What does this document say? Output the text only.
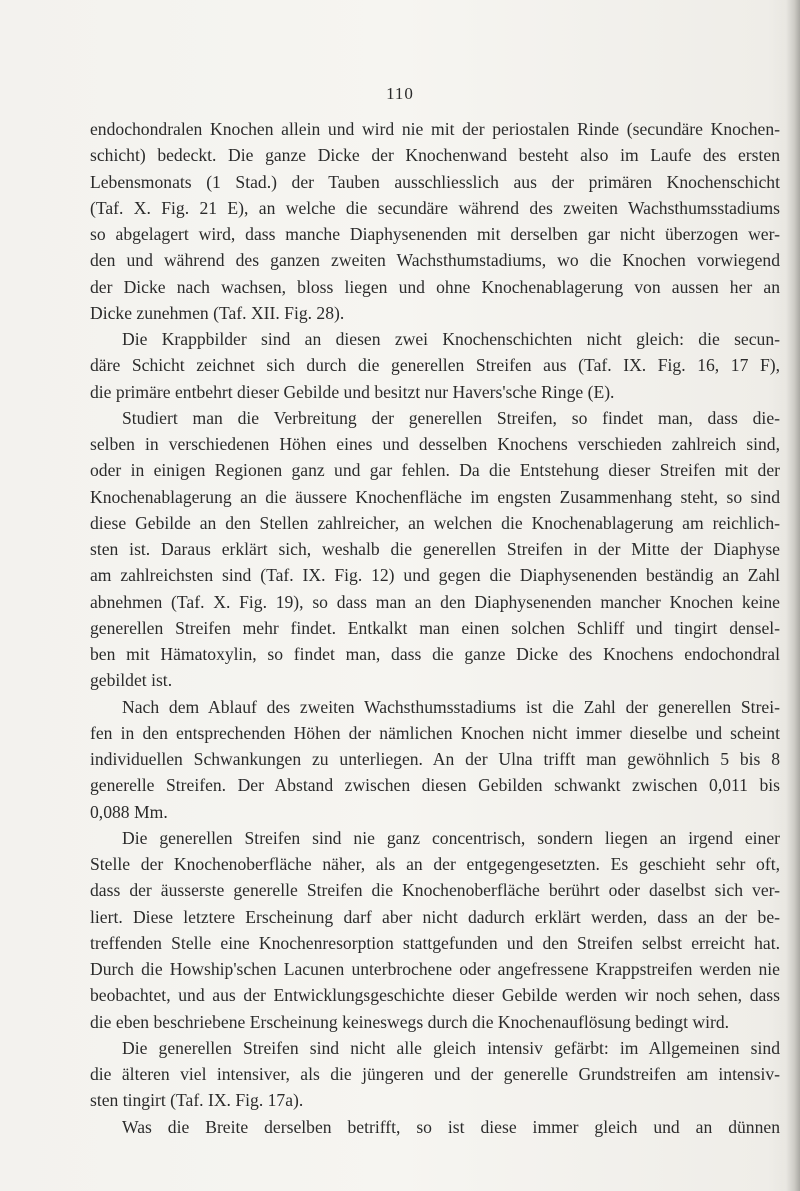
110
endochondralen Knochen allein und wird nie mit der periostalen Rinde (secundäre Knochen-
schicht) bedeckt. Die ganze Dicke der Knochenwand besteht also im Laufe des ersten
Lebensmonats (1 Stad.) der Tauben ausschliesslich aus der primären Knochenschicht
(Taf. X. Fig. 21 E), an welche die secundäre während des zweiten Wachsthumsstadiums
so abgelagert wird, dass manche Diaphysenenden mit derselben gar nicht überzogen wer-
den und während des ganzen zweiten Wachsthumstadiums, wo die Knochen vorwiegend
der Dicke nach wachsen, bloss liegen und ohne Knochenablagerung von aussen her an
Dicke zunehmen (Taf. XII. Fig. 28).
Die Krappbilder sind an diesen zwei Knochenschichten nicht gleich: die secun-
däre Schicht zeichnet sich durch die generellen Streifen aus (Taf. IX. Fig. 16, 17 F),
die primäre entbehrt dieser Gebilde und besitzt nur Havers'sche Ringe (E).
Studiert man die Verbreitung der generellen Streifen, so findet man, dass die-
selben in verschiedenen Höhen eines und desselben Knochens verschieden zahlreich sind,
oder in einigen Regionen ganz und gar fehlen. Da die Entstehung dieser Streifen mit der
Knochenablagerung an die äussere Knochenfläche im engsten Zusammenhang steht, so sind
diese Gebilde an den Stellen zahlreicher, an welchen die Knochenablagerung am reichlich-
sten ist. Daraus erklärt sich, weshalb die generellen Streifen in der Mitte der Diaphyse
am zahlreichsten sind (Taf. IX. Fig. 12) und gegen die Diaphysenenden beständig an Zahl
abnehmen (Taf. X. Fig. 19), so dass man an den Diaphysenenden mancher Knochen keine
generellen Streifen mehr findet. Entkalkt man einen solchen Schliff und tingirt densel-
ben mit Hämatoxylin, so findet man, dass die ganze Dicke des Knochens endochondral
gebildet ist.
Nach dem Ablauf des zweiten Wachsthumsstadiums ist die Zahl der generellen Strei-
fen in den entsprechenden Höhen der nämlichen Knochen nicht immer dieselbe und scheint
individuellen Schwankungen zu unterliegen. An der Ulna trifft man gewöhnlich 5 bis 8
generelle Streifen. Der Abstand zwischen diesen Gebilden schwankt zwischen 0,011 bis
0,088 Mm.
Die generellen Streifen sind nie ganz concentrisch, sondern liegen an irgend einer
Stelle der Knochenoberfläche näher, als an der entgegengesetzten. Es geschieht sehr oft,
dass der äusserste generelle Streifen die Knochenoberfläche berührt oder daselbst sich ver-
liert. Diese letztere Erscheinung darf aber nicht dadurch erklärt werden, dass an der be-
treffenden Stelle eine Knochenresorption stattgefunden und den Streifen selbst erreicht hat.
Durch die Howship'schen Lacunen unterbrochene oder angefressene Krappstreifen werden nie
beobachtet, und aus der Entwicklungsgeschichte dieser Gebilde werden wir noch sehen, dass
die eben beschriebene Erscheinung keineswegs durch die Knochenauflösung bedingt wird.
Die generellen Streifen sind nicht alle gleich intensiv gefärbt: im Allgemeinen sind
die älteren viel intensiver, als die jüngeren und der generelle Grundstreifen am intensiv-
sten tingirt (Taf. IX. Fig. 17a).
Was die Breite derselben betrifft, so ist diese immer gleich und an dünnen
